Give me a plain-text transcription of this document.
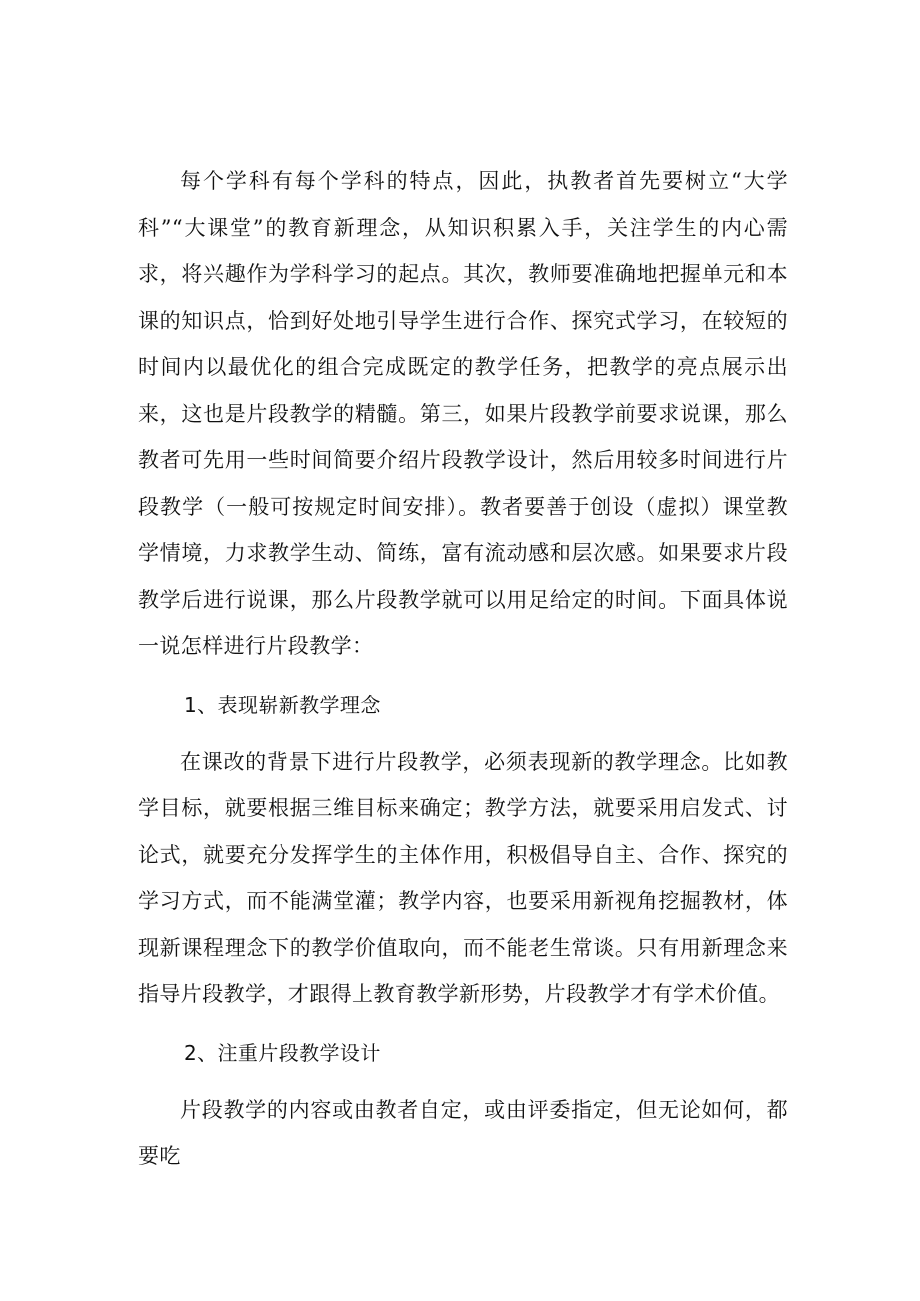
每个学科有每个学科的特点，因此，执教者首先要树立“大学科”“大课堂”的教育新理念，从知识积累入手，关注学生的内心需求，将兴趣作为学科学习的起点。其次，教师要准确地把握单元和本课的知识点，恰到好处地引导学生进行合作、探究式学习，在较短的时间内以最优化的组合完成既定的教学任务，把教学的亮点展示出来，这也是片段教学的精髓。第三，如果片段教学前要求说课，那么教者可先用一些时间简要介绍片段教学设计，然后用较多时间进行片段教学（一般可按规定时间安排）。教者要善于创设（虚拟）课堂教学情境，力求教学生动、简练，富有流动感和层次感。如果要求片段教学后进行说课，那么片段教学就可以用足给定的时间。下面具体说一说怎样进行片段教学：

1、表现崭新教学理念

在课改的背景下进行片段教学，必须表现新的教学理念。比如教学目标，就要根据三维目标来确定；教学方法，就要采用启发式、讨论式，就要充分发挥学生的主体作用，积极倡导自主、合作、探究的学习方式，而不能满堂灌；教学内容，也要采用新视角挖掘教材，体现新课程理念下的教学价值取向，而不能老生常谈。只有用新理念来指导片段教学，才跟得上教育教学新形势，片段教学才有学术价值。

2、注重片段教学设计

片段教学的内容或由教者自定，或由评委指定，但无论如何，都要吃
